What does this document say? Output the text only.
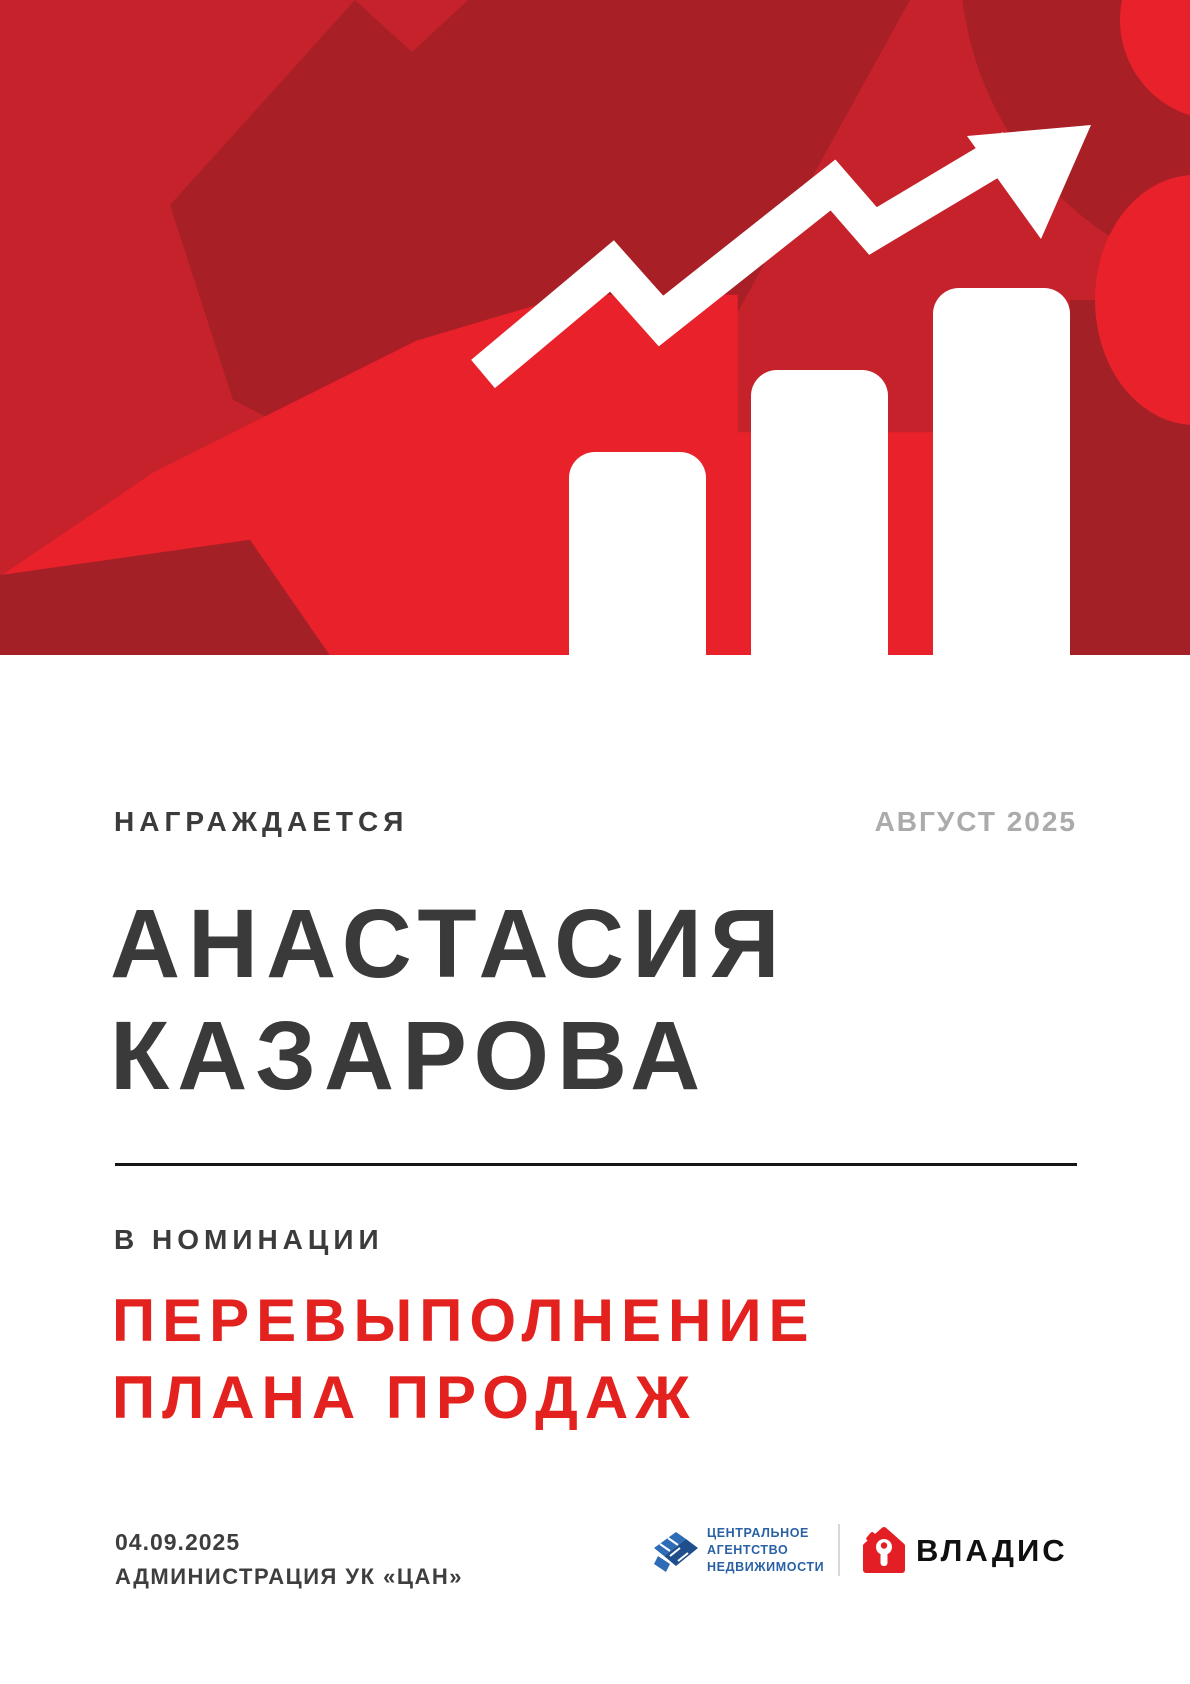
НАГРАЖДАЕТСЯ	АВГУСТ 2025
АНАСТАСИЯ
КАЗАРОВА
В НОМИНАЦИИ
ПЕРЕВЫПОЛНЕНИЕ
ПЛАНА ПРОДАЖ
04.09.2025
АДМИНИСТРАЦИЯ УК «ЦАН»
ЦЕНТРАЛЬНОЕ
АГЕНТСТВО
НЕДВИЖИМОСТИ	ВЛАДИС
